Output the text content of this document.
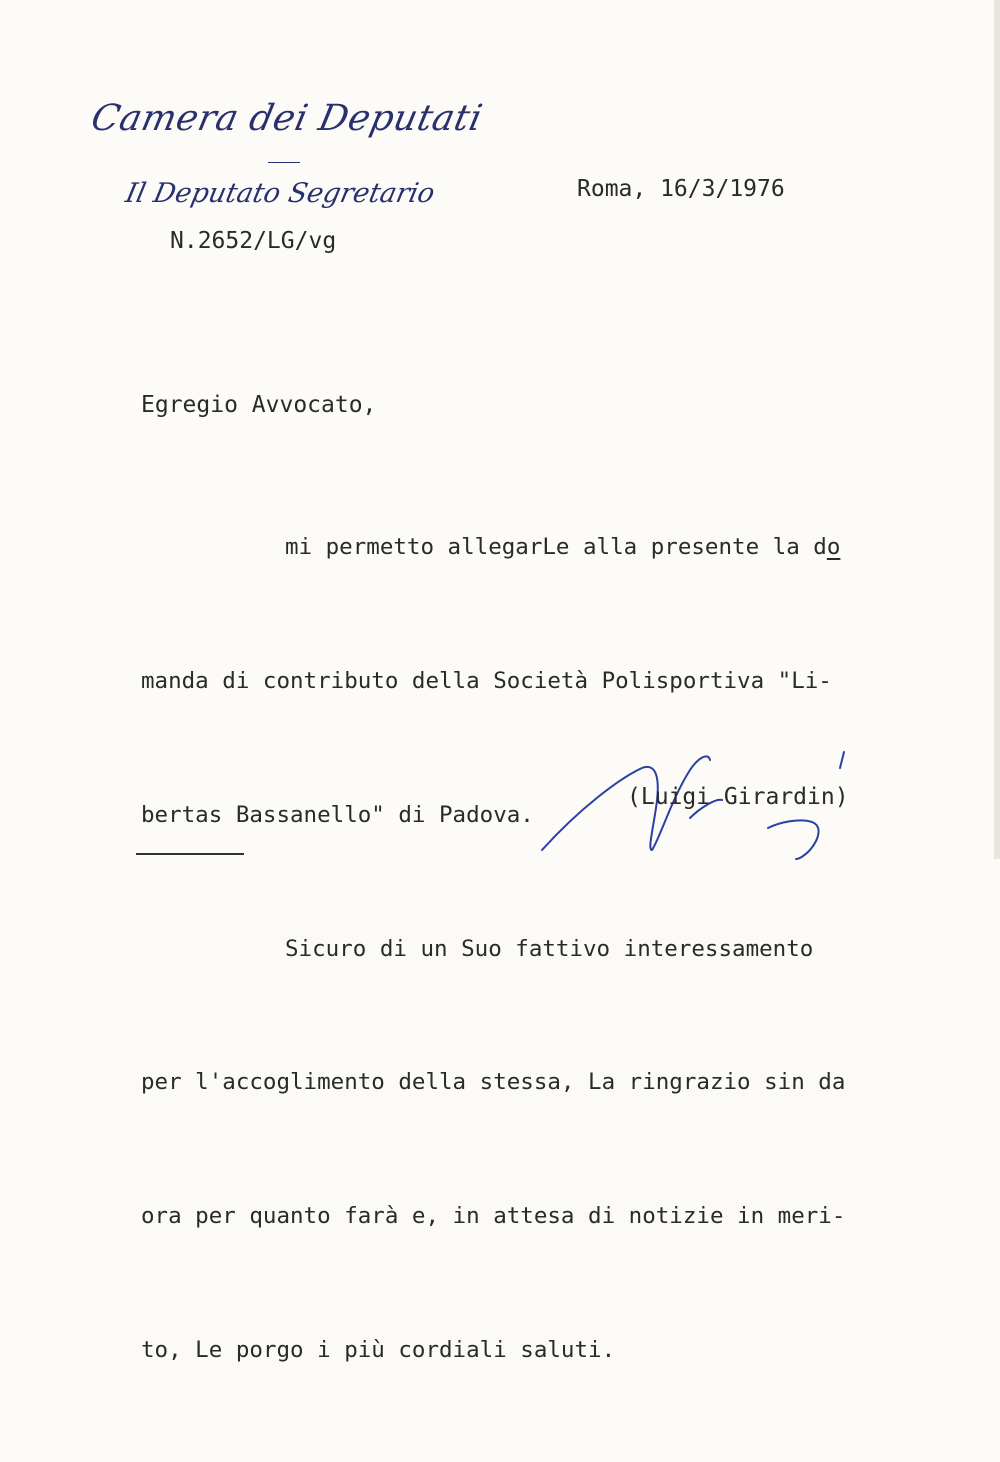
Camera dei Deputati
Il Deputato Segretario
N.2652/LG/vg
Roma, 16/3/1976
Egregio Avvocato,

mi permetto allegarLe alla presente la do

manda di contributo della Società Polisportiva "Li-

bertas Bassanello" di Padova.

Sicuro di un Suo fattivo interessamento

per l'accoglimento della stessa, La ringrazio sin da

ora per quanto farà e, in attesa di notizie in meri-

to, Le porgo i più cordiali saluti.

(Luigi Girardin)
